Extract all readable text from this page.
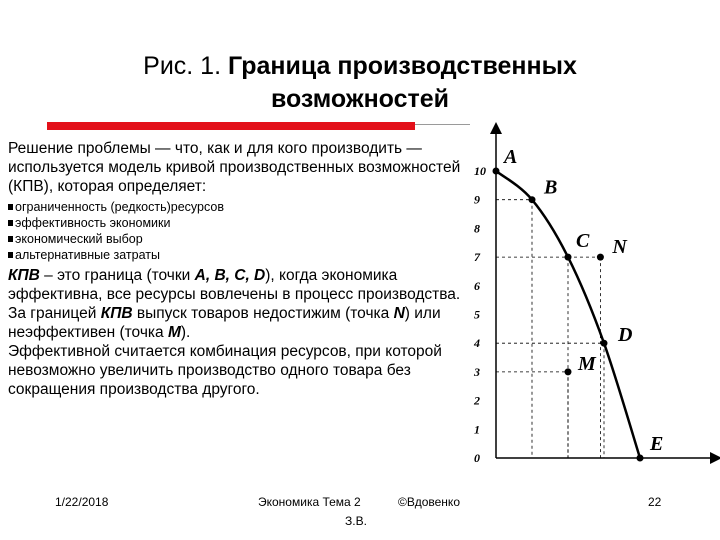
Рис. 1. Граница производственных
возможностей

Решение проблемы — что, как и для кого производить — используется модель кривой производственных возможностей (КПВ), которая определяет:

ограниченность (редкость)ресурсов
эффективность экономики
экономический выбор
альтернативные затраты

КПВ – это граница (точки A, B, C, D), когда экономика эффективна, все ресурсы вовлечены в процесс производства. За границей КПВ выпуск товаров недостижим (точка N) или неэффективен (точка M).

Эффективной считается комбинация ресурсов, при которой невозможно увеличить производство одного товара без сокращения производства другого.

0
1
2
3
4
5
6
7
8
9
10
A
B
C
D
E
N
M
1/22/2018	Экономика Тема 2	©Вдовенко
З.В.
22
